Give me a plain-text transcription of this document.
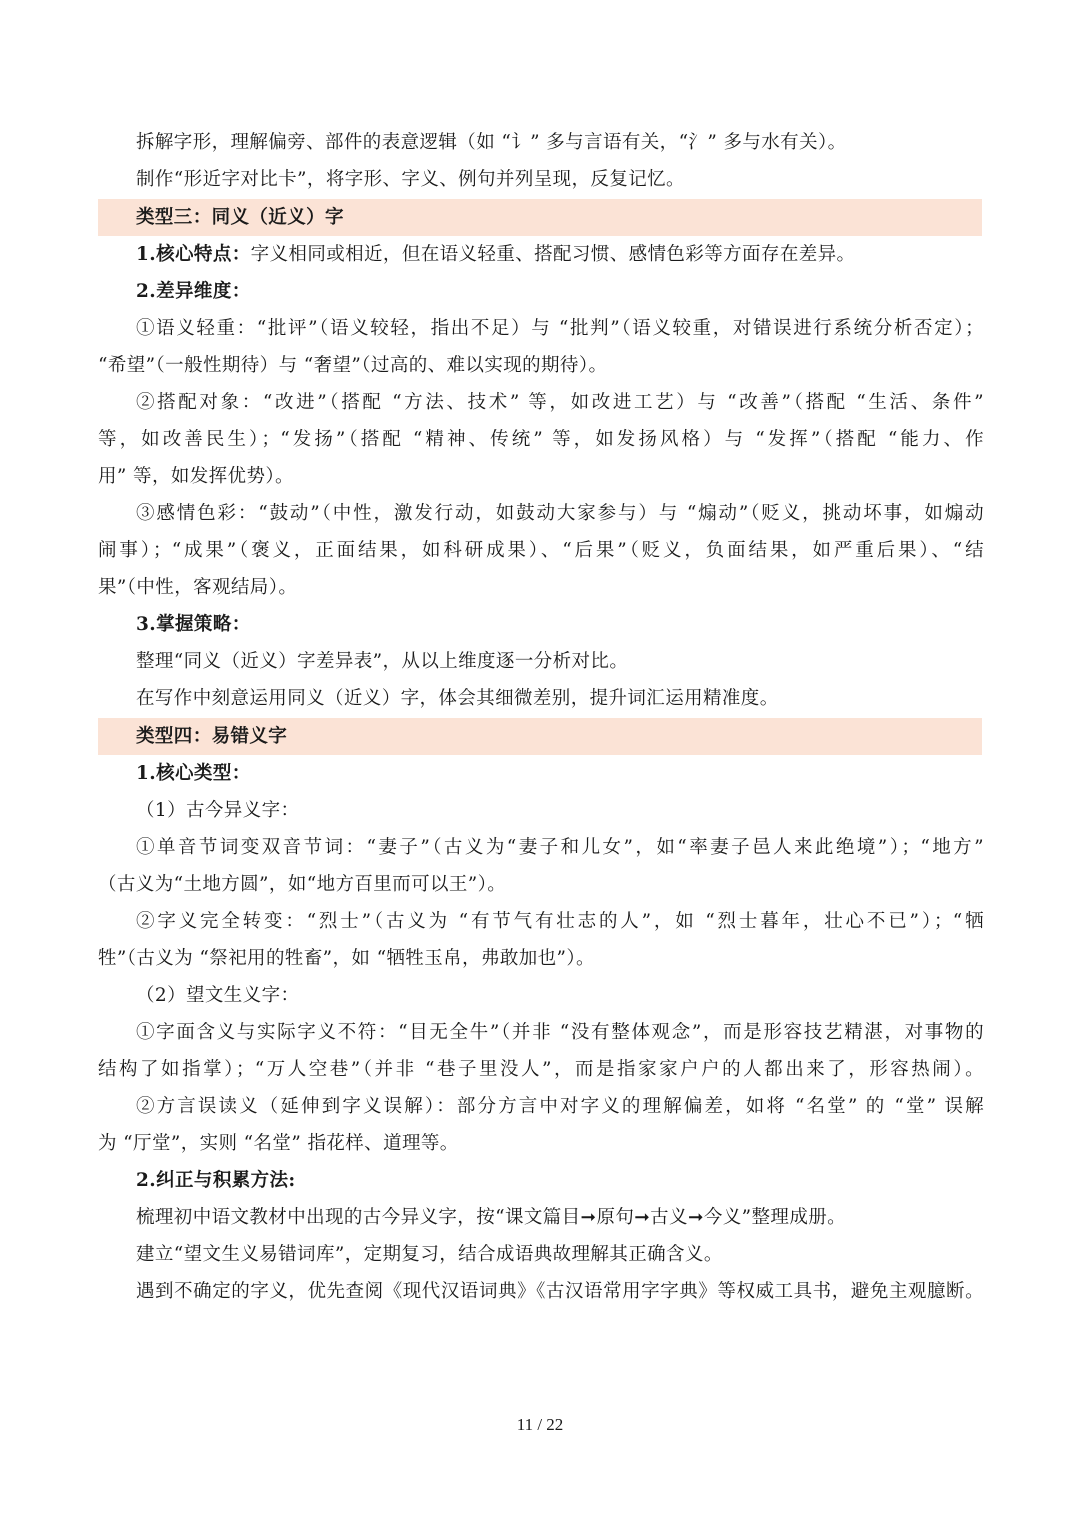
拆解字形，理解偏旁、部件的表意逻辑（如 “讠” 多与言语有关，“氵” 多与水有关）。
制作“形近字对比卡”，将字形、字义、例句并列呈现，反复记忆。
类型三：同义（近义）字
1.核心特点：字义相同或相近，但在语义轻重、搭配习惯、感情色彩等方面存在差异。
2.差异维度：
①语义轻重：“批评”（语义较轻，指出不足）与 “批判”（语义较重，对错误进行系统分析否定）；
“希望”（一般性期待）与 “奢望”（过高的、难以实现的期待）。
②搭配对象：“改进”（搭配 “方法、技术” 等，如改进工艺）与 “改善”（搭配 “生活、条件”
等，如改善民生）；“发扬”（搭配 “精神、传统” 等，如发扬风格）与 “发挥”（搭配 “能力、作
用” 等，如发挥优势）。
③感情色彩：“鼓动”（中性，激发行动，如鼓动大家参与）与 “煽动”（贬义，挑动坏事，如煽动
闹事）；“成果”（褒义，正面结果，如科研成果）、“后果”（贬义，负面结果，如严重后果）、“结
果”（中性，客观结局）。
3.掌握策略：
整理“同义（近义）字差异表”，从以上维度逐一分析对比。
在写作中刻意运用同义（近义）字，体会其细微差别，提升词汇运用精准度。
类型四：易错义字
1.核心类型：
（1）古今异义字：
①单音节词变双音节词：“妻子”（古义为“妻子和儿女”，如“率妻子邑人来此绝境”）；“地方”
（古义为“土地方圆”，如“地方百里而可以王”）。
②字义完全转变：“烈士”（古义为 “有节气有壮志的人”，如 “烈士暮年，壮心不已”）；“牺
牲”（古义为 “祭祀用的牲畜”，如 “牺牲玉帛，弗敢加也”）。
（2）望文生义字：
①字面含义与实际字义不符：“目无全牛”（并非 “没有整体观念”，而是形容技艺精湛，对事物的
结构了如指掌）；“万人空巷”（并非 “巷子里没人”，而是指家家户户的人都出来了，形容热闹）。
②方言误读义（延伸到字义误解）：部分方言中对字义的理解偏差，如将 “名堂” 的 “堂” 误解
为 “厅堂”，实则 “名堂” 指花样、道理等。
2.纠正与积累方法:
梳理初中语文教材中出现的古今异义字，按“课文篇目➞原句➞古义➞今义”整理成册。
建立“望文生义易错词库”，定期复习，结合成语典故理解其正确含义。
遇到不确定的字义，优先查阅《现代汉语词典》《古汉语常用字字典》等权威工具书，避免主观臆断。
11 / 22
